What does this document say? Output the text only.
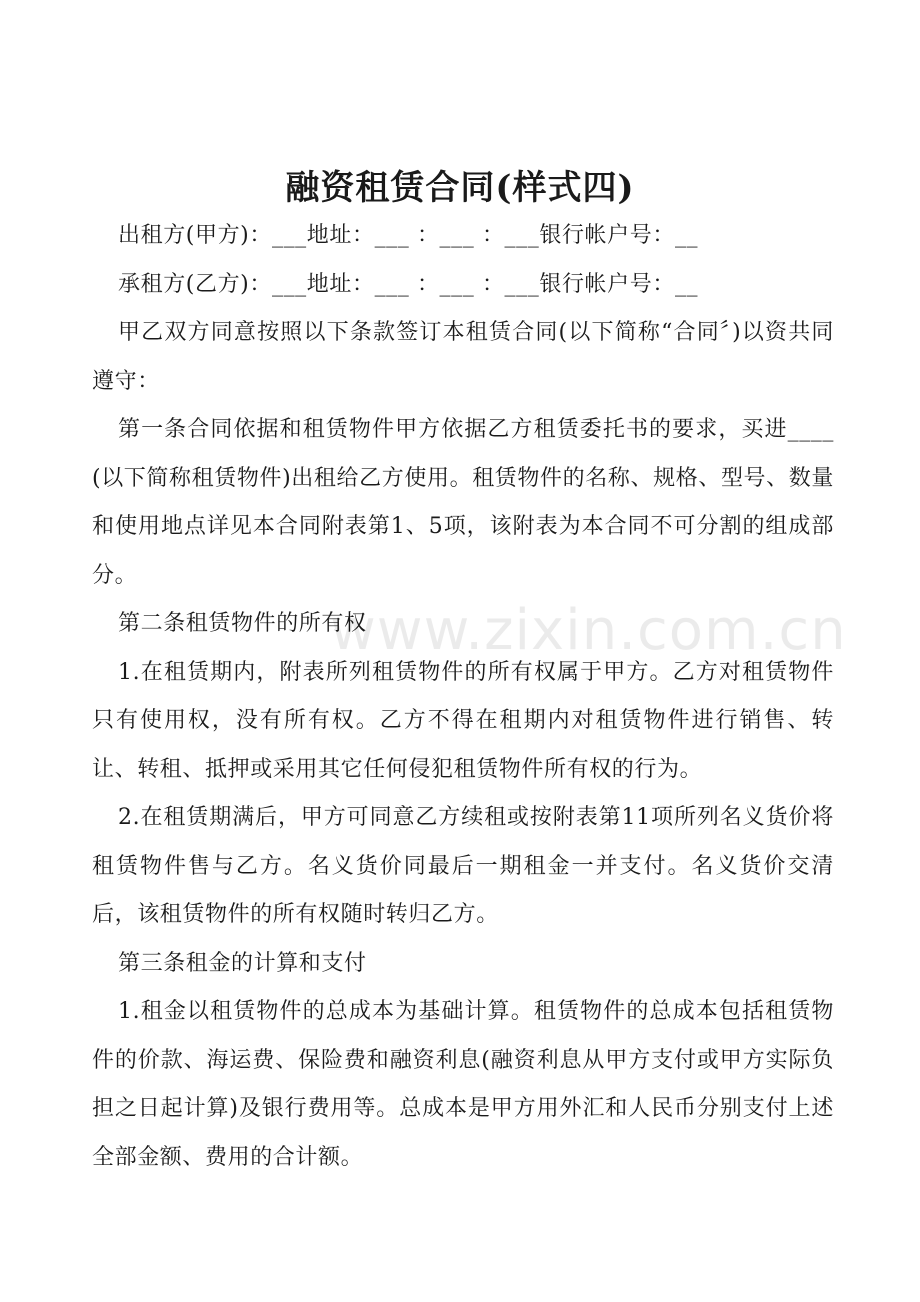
融资租赁合同(样式四)

出租方(甲方)：___地址：___ ：___ ：___银行帐户号：__

承租方(乙方)：___地址：___ ：___ ：___银行帐户号：__

甲乙双方同意按照以下条款签订本租赁合同(以下简称“合同〞)以资共同遵守：

第一条合同依据和租赁物件甲方依据乙方租赁委托书的要求，买进____(以下简称租赁物件)出租给乙方使用。租赁物件的名称、规格、型号、数量和使用地点详见本合同附表第1、5项，该附表为本合同不可分割的组成部分。

第二条租赁物件的所有权

1.在租赁期内，附表所列租赁物件的所有权属于甲方。乙方对租赁物件只有使用权，没有所有权。乙方不得在租期内对租赁物件进行销售、转让、转租、抵押或采用其它任何侵犯租赁物件所有权的行为。

2.在租赁期满后，甲方可同意乙方续租或按附表第11项所列名义货价将租赁物件售与乙方。名义货价同最后一期租金一并支付。名义货价交清后，该租赁物件的所有权随时转归乙方。

第三条租金的计算和支付

1.租金以租赁物件的总成本为基础计算。租赁物件的总成本包括租赁物件的价款、海运费、保险费和融资利息(融资利息从甲方支付或甲方实际负担之日起计算)及银行费用等。总成本是甲方用外汇和人民币分别支付上述全部金额、费用的合计额。

www.zixin.com.cn
